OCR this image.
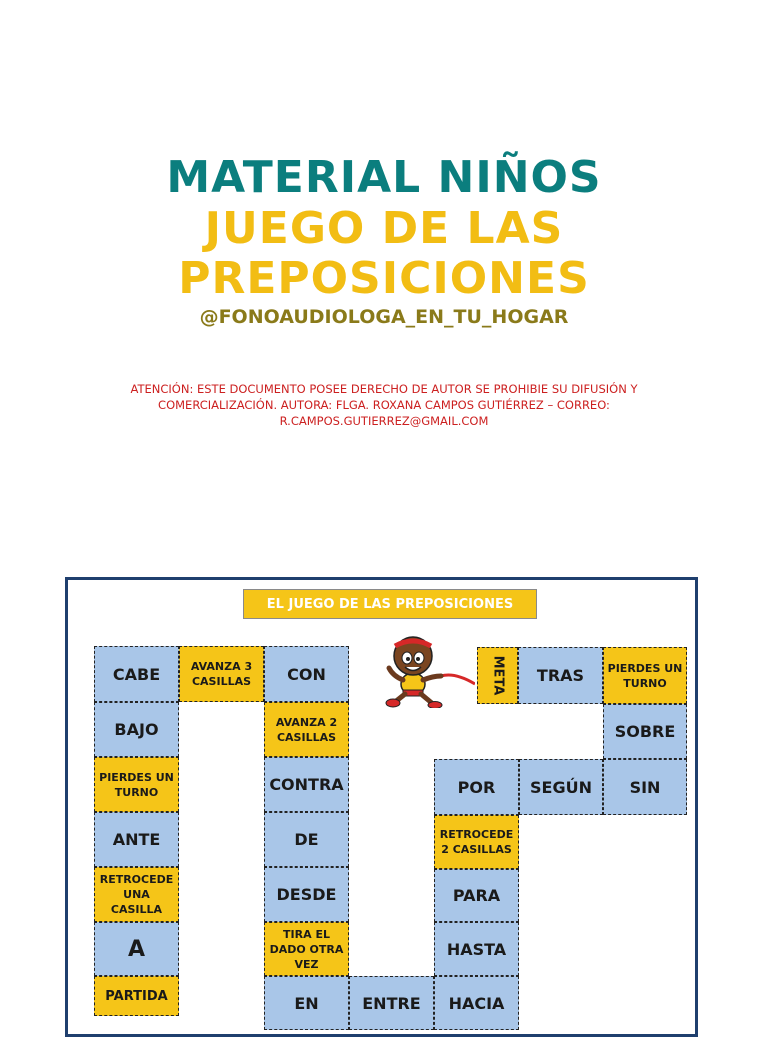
MATERIAL NIÑOS
JUEGO DE LAS
PREPOSICIONES
@FONOAUDIOLOGA_EN_TU_HOGAR
ATENCIÓN: ESTE DOCUMENTO POSEE DERECHO DE AUTOR SE PROHIBIE SU DIFUSIÓN Y
COMERCIALIZACIÓN. AUTORA: FLGA. ROXANA CAMPOS GUTIÉRREZ – CORREO:
R.CAMPOS.GUTIERREZ@GMAIL.COM
EL JUEGO DE LAS PREPOSICIONES
CABE	AVANZA 3 CASILLAS
BAJO
PIERDES UN TURNO
ANTE
RETROCEDE UNA CASILLA
A
PARTIDA
CON
AVANZA 2 CASILLAS
CONTRA
DE
DESDE
TIRA EL DADO OTRA VEZ
EN	ENTRE
POR
RETROCEDE 2 CASILLAS
PARA
HASTA
HACIA
SEGÚN	SIN
SOBRE
PIERDES UN TURNO
TRAS
META
